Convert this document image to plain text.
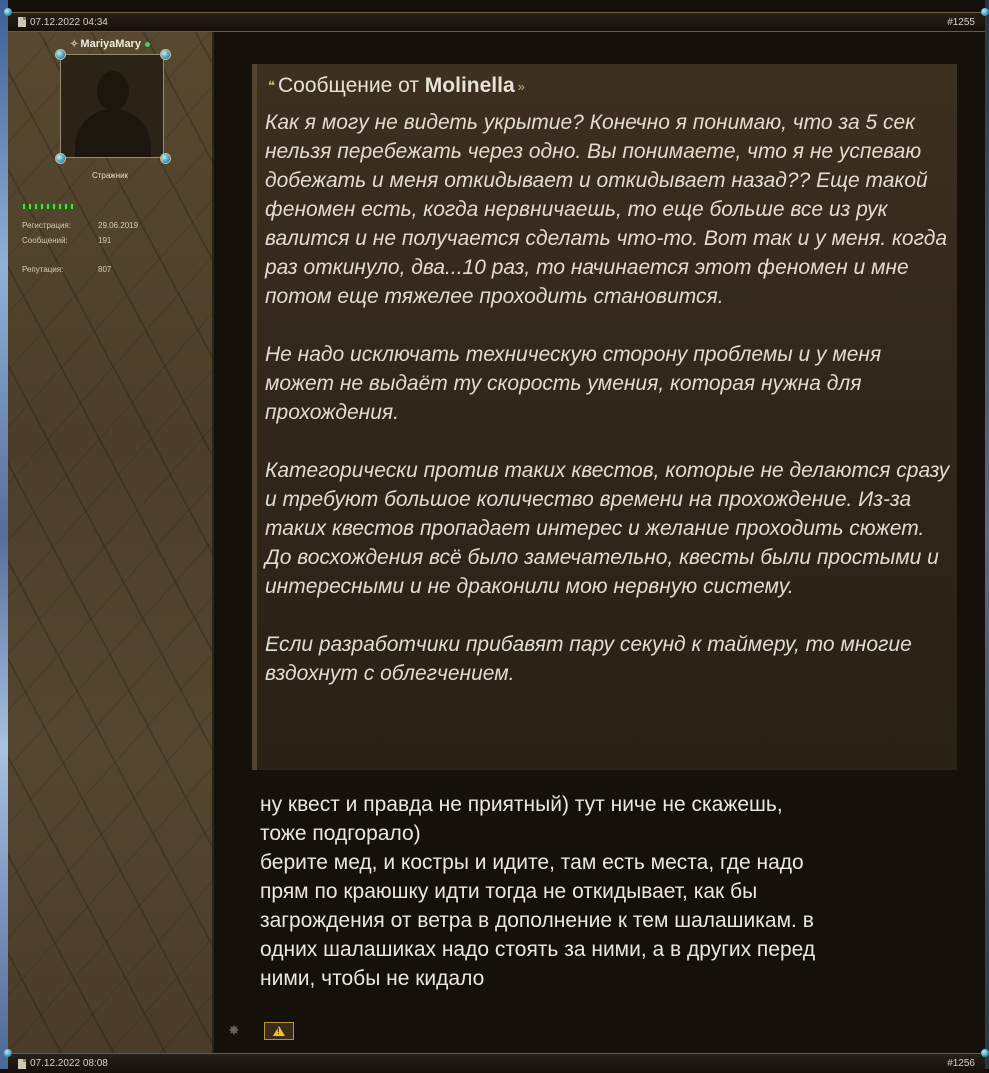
07.12.2022 04:34	#1255
✧ MariyaMary
Стражник
Регистрация:	29.06.2019
Сообщений:	191
Репутация:	807
❝ Сообщение от Molinella »

Как я могу не видеть укрытие? Конечно я понимаю, что за 5 сек нельзя перебежать через одно. Вы понимаете, что я не успеваю добежать и меня откидывает и откидывает назад?? Еще такой феномен есть, когда нервничаешь, то еще больше все из рук валится и не получается сделать что-то. Вот так и у меня. когда раз откинуло, два...10 раз, то начинается этот феномен и мне потом еще тяжелее проходить становится.

Не надо исключать техническую сторону проблемы и у меня может не выдаёт ту скорость умения, которая нужна для прохождения.

Категорически против таких квестов, которые не делаются сразу и требуют большое количество времени на прохождение. Из-за таких квестов пропадает интерес и желание проходить сюжет. До восхождения всё было замечательно, квесты были простыми и интересными и не драконили мою нервную систему.

Если разработчики прибавят пару секунд к таймеру, то многие вздохнут с облегчением.

ну квест и правда не приятный) тут ниче не скажешь,
тоже подгорало)
берите мед, и костры и идите, там есть места, где надо
прям по краюшку идти тогда не откидывает, как бы
загрождения от ветра в дополнение к тем шалашикам. в
одних шалашиках надо стоять за ними, а в других перед
ними, чтобы не кидало
✸
!
07.12.2022 08:08	#1256
